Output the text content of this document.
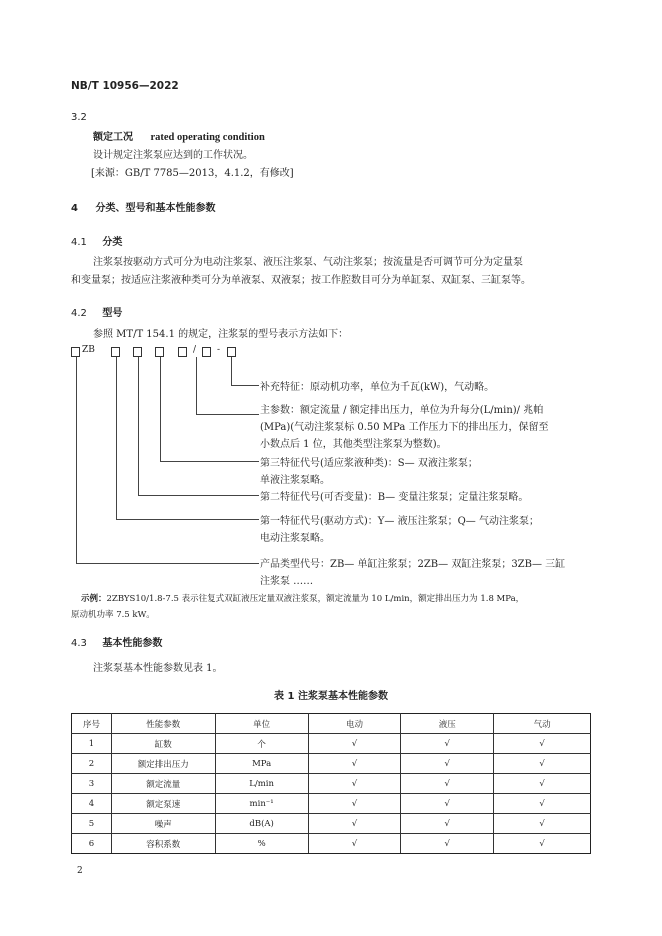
NB/T 10956—2022
3.2
额定工况 rated operating condition
设计规定注浆泵应达到的工作状况。
[来源：GB/T 7785—2013，4.1.2，有修改]
4 分类、型号和基本性能参数
4.1 分类
注浆泵按驱动方式可分为电动注浆泵、液压注浆泵、气动注浆泵；按流量是否可调节可分为定量泵
和变量泵；按适应注浆液种类可分为单液泵、双液泵；按工作腔数目可分为单缸泵、双缸泵、三缸泵等。
4.2 型号
参照 MT/T 154.1 的规定，注浆泵的型号表示方法如下：
ZB	/ -
补充特征：原动机功率，单位为千瓦(kW)，气动略。
主参数：额定流量 / 额定排出压力，单位为升每分(L/min)/ 兆帕
(MPa)(气动注浆泵标 0.50 MPa 工作压力下的排出压力，保留至
小数点后 1 位，其他类型注浆泵为整数)。
第三特征代号(适应浆液种类)：S— 双液注浆泵；
单液注浆泵略。
第二特征代号(可否变量)：B— 变量注浆泵；定量注浆泵略。
第一特征代号(驱动方式)：Y— 液压注浆泵；Q— 气动注浆泵；
电动注浆泵略。
产品类型代号：ZB— 单缸注浆泵；2ZB— 双缸注浆泵；3ZB— 三缸
注浆泵 ……
示例：2ZBYS10/1.8-7.5 表示往复式双缸液压定量双液注浆泵，额定流量为 10 L/min，额定排出压力为 1.8 MPa，
原动机功率 7.5 kW。
4.3 基本性能参数
注浆泵基本性能参数见表 1。
表 1 注浆泵基本性能参数
序号	性能参数	单位	电动	液压	气动
1	缸数	个	√	√	√
2	额定排出压力	MPa	√	√	√
3	额定流量	L/min	√	√	√
4	额定泵速	min⁻¹	√	√	√
5	噪声	dB(A)	√	√	√
6	容积系数	%	√	√	√
2
